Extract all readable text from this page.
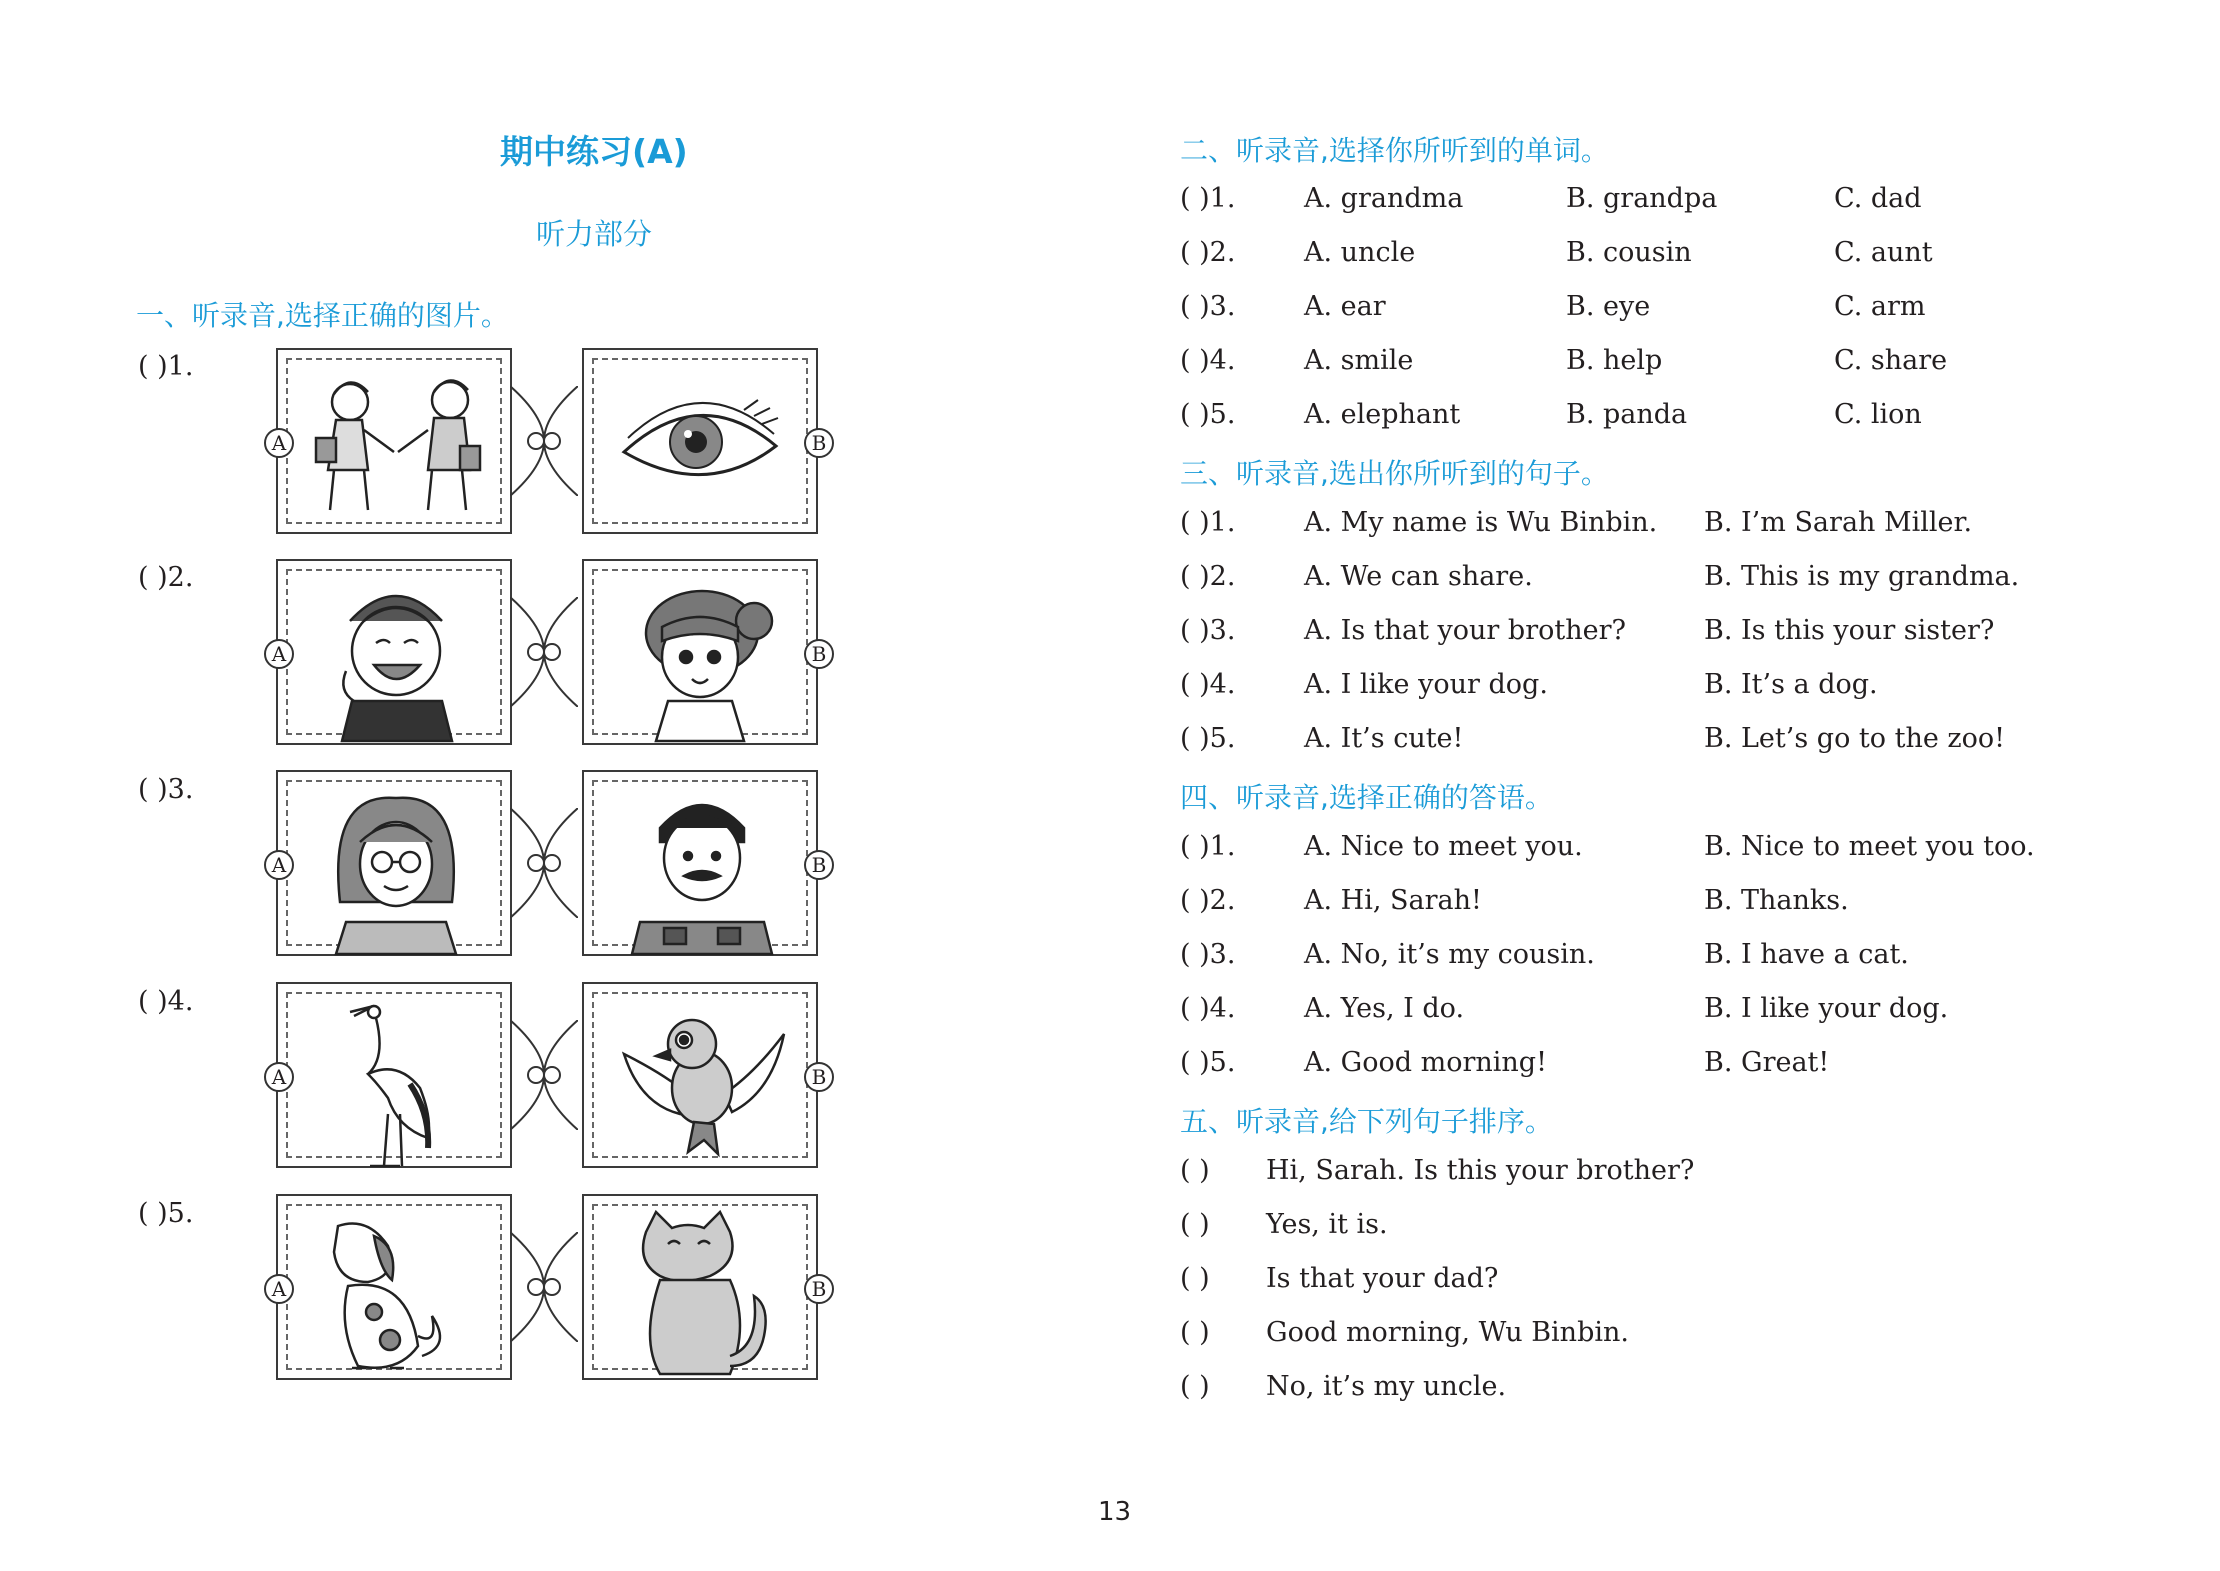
期中练习(A)
听力部分
一、听录音,选择正确的图片。
( )1.
A	B
( )2.
A	B
( )3.
A	B
( )4.
A	B
( )5.
A	B
二、听录音,选择你所听到的单词。
( )1.	A. grandma	B. grandpa	C. dad
( )2.	A. uncle	B. cousin	C. aunt
( )3.	A. ear	B. eye	C. arm
( )4.	A. smile	B. help	C. share
( )5.	A. elephant	B. panda	C. lion
三、听录音,选出你所听到的句子。
( )1.	A. My name is Wu Binbin. B. I’m Sarah Miller.
( )2.	A. We can share.	B. This is my grandma.
( )3.	A. Is that your brother?	B. Is this your sister?
( )4.	A. I like your dog.	B. It’s a dog.
( )5.	A. It’s cute!	B. Let’s go to the zoo!
四、听录音,选择正确的答语。
( )1.	A. Nice to meet you.	B. Nice to meet you too.
( )2.	A. Hi, Sarah!	B. Thanks.
( )3.	A. No, it’s my cousin.	B. I have a cat.
( )4.	A. Yes, I do.	B. I like your dog.
( )5.	A. Good morning!	B. Great!
五、听录音,给下列句子排序。
( ) Hi, Sarah. Is this your brother?
( ) Yes, it is.
( ) Is that your dad?
( ) Good morning, Wu Binbin.
( ) No, it’s my uncle.
13
